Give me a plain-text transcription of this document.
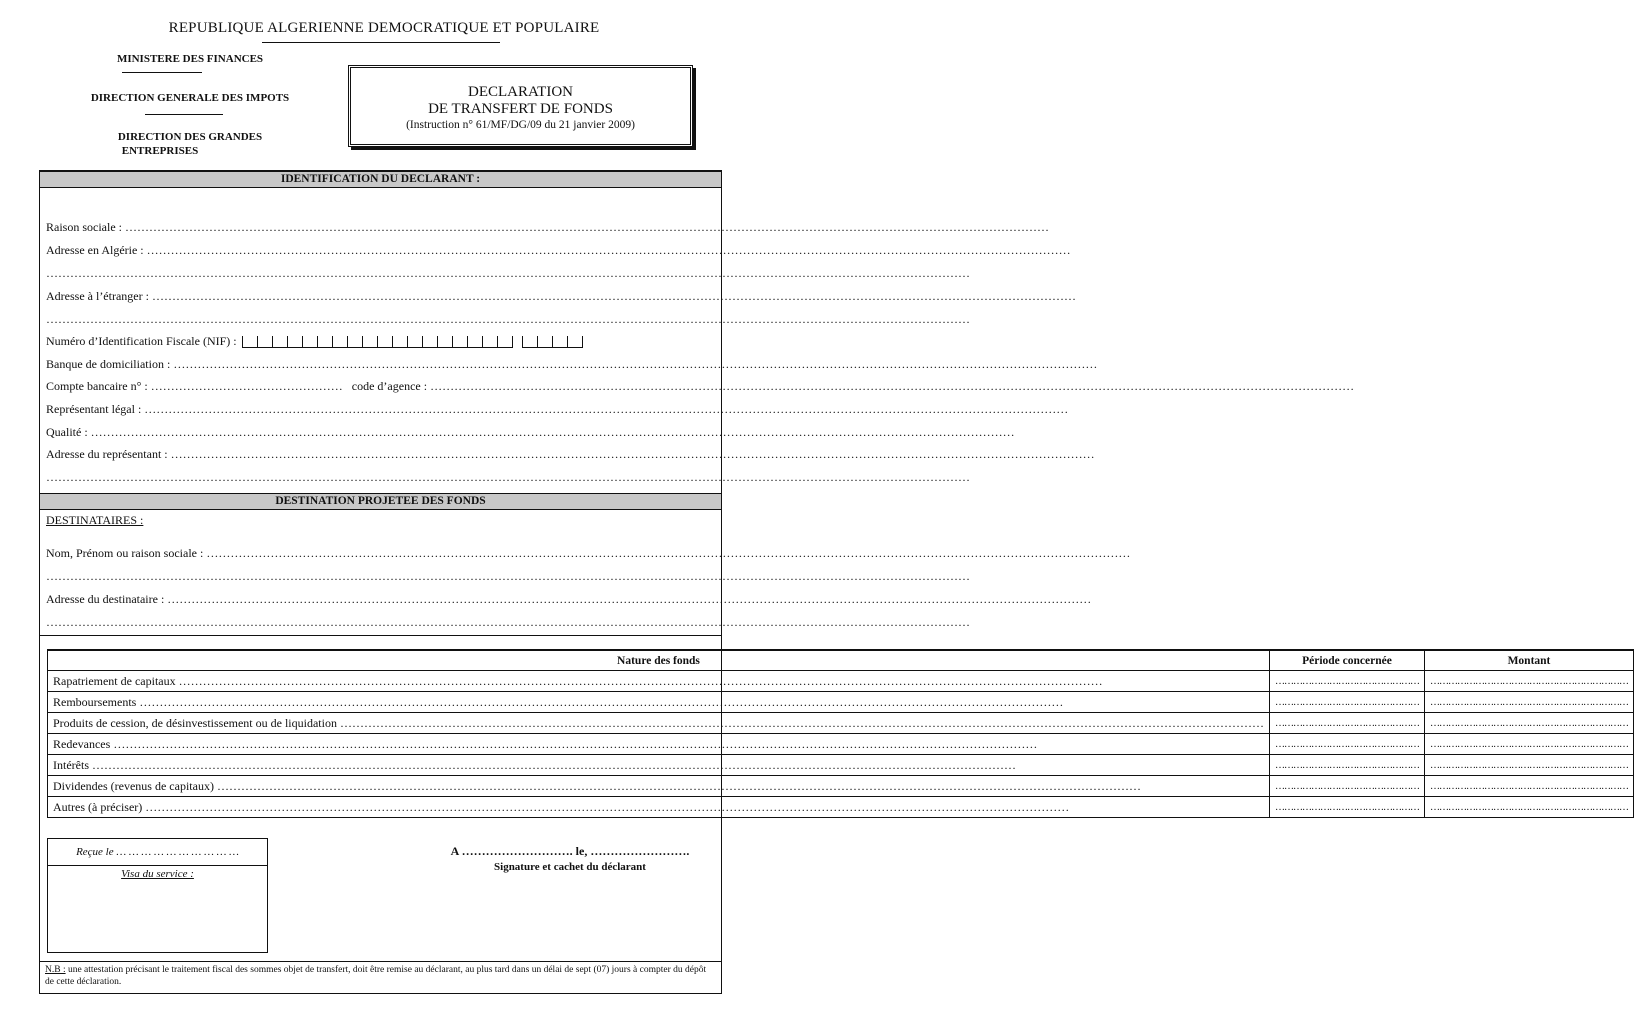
REPUBLIQUE ALGERIENNE DEMOCRATIQUE ET POPULAIRE
MINISTERE DES FINANCES
DIRECTION GENERALE DES IMPOTS
DIRECTION DES GRANDES
ENTREPRISES
DECLARATION
DE TRANSFERT DE FONDS
(Instruction n° 61/MF/DG/09 du 21 janvier 2009)
IDENTIFICATION DU DECLARANT :
Raison sociale : ……………………………………………………………………………………………………………………………………………………………………………………………………………
Adresse en Algérie : ……………………………………………………………………………………………………………………………………………………………………………………………………………
……………………………………………………………………………………………………………………………………………………………………………………………………………
Adresse à l’étranger : ……………………………………………………………………………………………………………………………………………………………………………………………………………
……………………………………………………………………………………………………………………………………………………………………………………………………………
Numéro d’Identification Fiscale (NIF) :
Banque de domiciliation : ……………………………………………………………………………………………………………………………………………………………………………………………………………
Compte bancaire n° : ………………………………………… code d’agence : ……………………………………………………………………………………………………………………………………………………………………………………………………………
Représentant légal : ……………………………………………………………………………………………………………………………………………………………………………………………………………
Qualité : ……………………………………………………………………………………………………………………………………………………………………………………………………………
Adresse du représentant : ……………………………………………………………………………………………………………………………………………………………………………………………………………
……………………………………………………………………………………………………………………………………………………………………………………………………………
DESTINATION PROJETEE DES FONDS
DESTINATAIRES :
Nom, Prénom ou raison sociale : ……………………………………………………………………………………………………………………………………………………………………………………………………………
……………………………………………………………………………………………………………………………………………………………………………………………………………
Adresse du destinataire : ……………………………………………………………………………………………………………………………………………………………………………………………………………
……………………………………………………………………………………………………………………………………………………………………………………………………………
Nature des fonds	Période concernée	Montant
Rapatriement de capitaux ……………………………………………………………………………………………………………………………………………………………………………………………………………	…………………………………………	…………………………………………………………
Remboursements ……………………………………………………………………………………………………………………………………………………………………………………………………………	…………………………………………	…………………………………………………………
Produits de cession, de désinvestissement ou de liquidation ……………………………………………………………………………………………………………………………………………………………………………………………………………	…………………………………………	…………………………………………………………
Redevances ……………………………………………………………………………………………………………………………………………………………………………………………………………	…………………………………………	…………………………………………………………
Intérêts ……………………………………………………………………………………………………………………………………………………………………………………………………………	…………………………………………	…………………………………………………………
Dividendes (revenus de capitaux) ……………………………………………………………………………………………………………………………………………………………………………………………………………	…………………………………………	…………………………………………………………
Autres (à préciser) ……………………………………………………………………………………………………………………………………………………………………………………………………………	…………………………………………	…………………………………………………………
Reçue le … … … … … … … … … …
Visa du service :
A ………………………. le, …………………….
Signature et cachet du déclarant
N.B : une attestation précisant le traitement fiscal des sommes objet de transfert, doit être remise au déclarant, au plus tard dans un délai de sept (07) jours à compter du dépôt de cette déclaration.
